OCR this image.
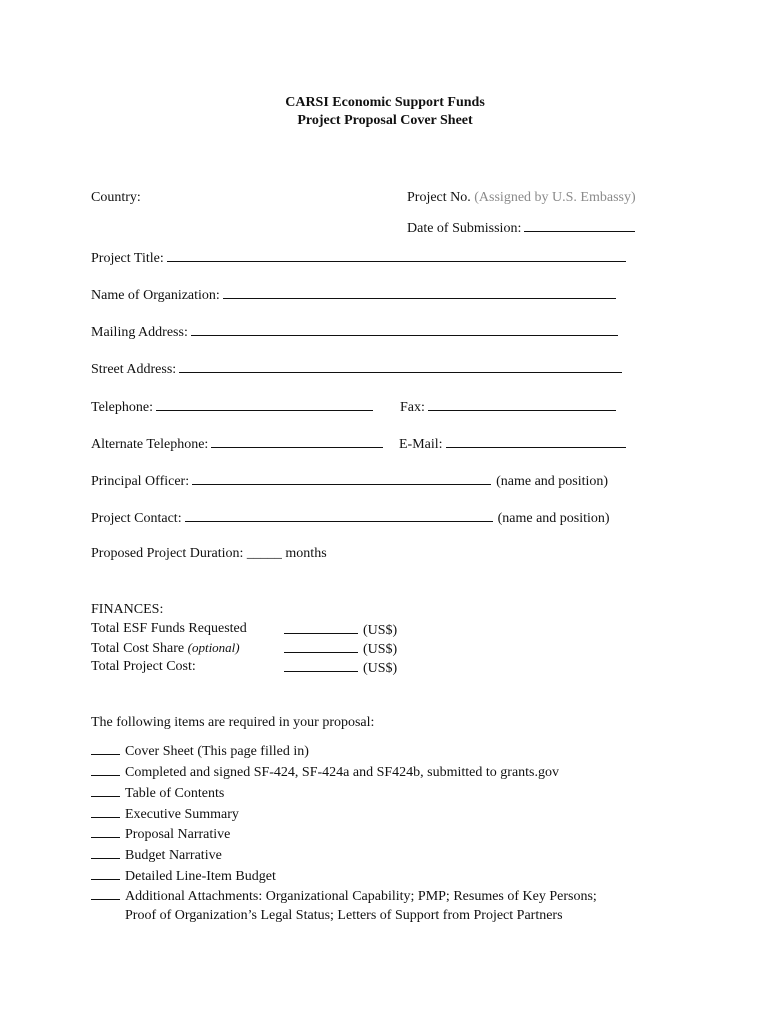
CARSI Economic Support Funds
Project Proposal Cover Sheet
Country:	Project No. (Assigned by U.S. Embassy)
Date of Submission:
Project Title:
Name of Organization:
Mailing Address:
Street Address:
Telephone:	Fax:
Alternate Telephone:	E-Mail:
Principal Officer:	(name and position)
Project Contact:	(name and position)
Proposed Project Duration: _____ months
FINANCES:
Total ESF Funds Requested	(US$)
Total Cost Share (optional)	(US$)
Total Project Cost:	(US$)
The following items are required in your proposal:
Cover Sheet (This page filled in)
Completed and signed SF-424, SF-424a and SF424b, submitted to grants.gov
Table of Contents
Executive Summary
Proposal Narrative
Budget Narrative
Detailed Line-Item Budget
Additional Attachments: Organizational Capability; PMP; Resumes of Key Persons;
Proof of Organization’s Legal Status; Letters of Support from Project Partners
